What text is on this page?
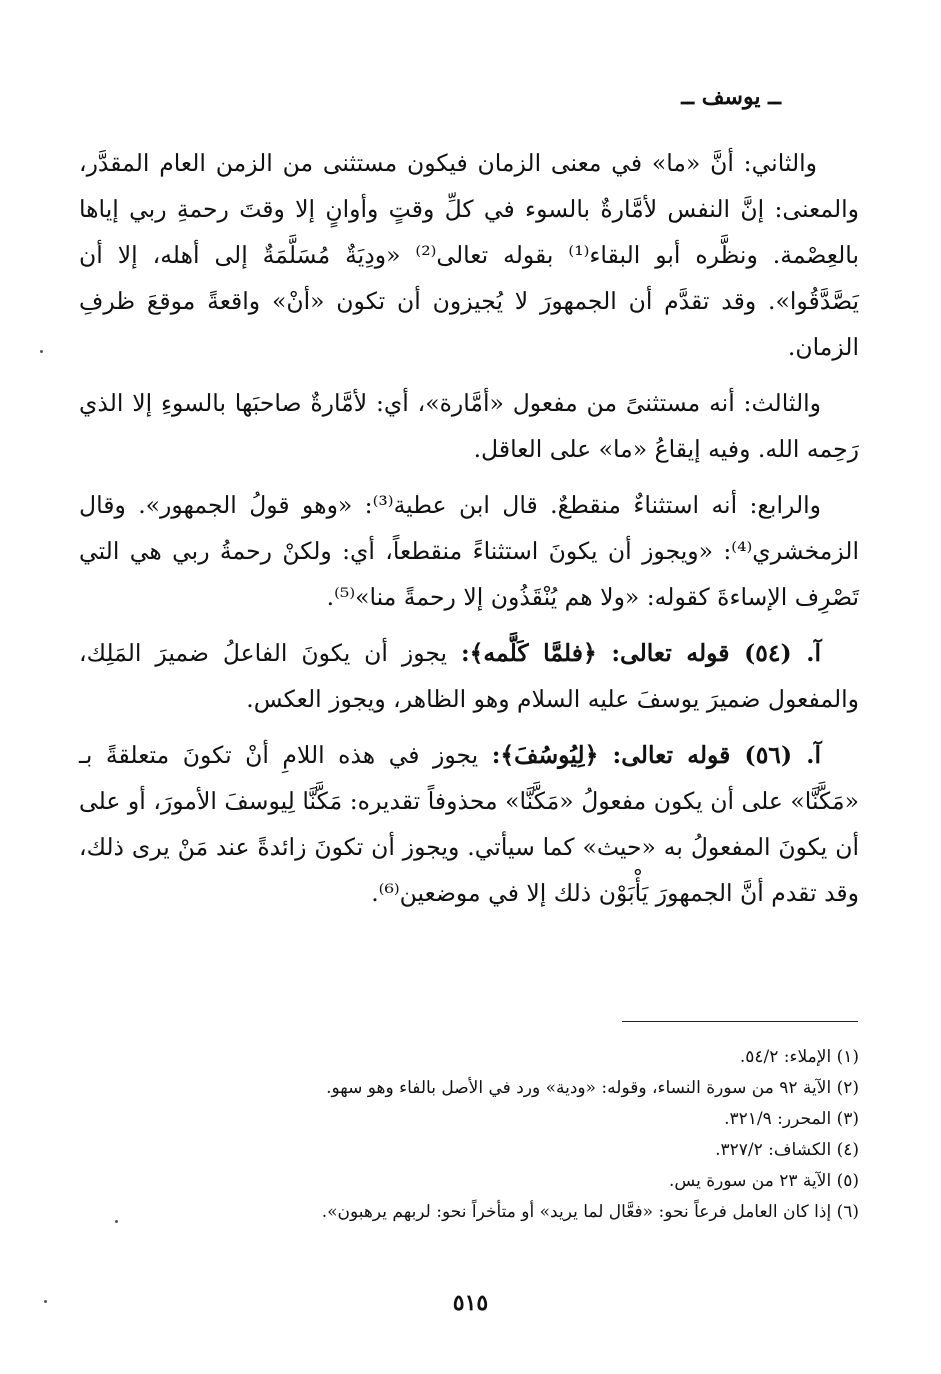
ــ يوسف ــ

والثاني: أنَّ «ما» في معنى الزمان فيكون مستثنى من الزمن العام المقدَّر، والمعنى: إنَّ النفس لأمَّارةٌ بالسوء في كلِّ وقتٍ وأوانٍ إلا وقتَ رحمةِ ربي إياها بالعِصْمة. ونظَّره أبو البقاء⁽¹⁾ بقوله تعالى⁽²⁾ «ودِيَةٌ مُسَلَّمَةٌ إلى أهله، إلا أن يَصَّدَّقُوا». وقد تقدَّم أن الجمهورَ لا يُجيزون أن تكون «أنْ» واقعةً موقعَ ظرفِ الزمان.

والثالث: أنه مستثنىً من مفعول «أمَّارة»، أي: لأمَّارةٌ صاحبَها بالسوءِ إلا الذي رَحِمه الله. وفيه إيقاعُ «ما» على العاقل.

والرابع: أنه استثناءٌ منقطعٌ. قال ابن عطية⁽³⁾: «وهو قولُ الجمهور». وقال الزمخشري⁽⁴⁾: «ويجوز أن يكونَ استثناءً منقطعاً، أي: ولكنْ رحمةُ ربي هي التي تَصْرِف الإساءةَ كقوله: «ولا هم يُنْقَذُون إلا رحمةً منا»⁽⁵⁾.

آ. (٥٤) قوله تعالى: ﴿فلمَّا كَلَّمه﴾: يجوز أن يكونَ الفاعلُ ضميرَ المَلِك، والمفعول ضميرَ يوسفَ عليه السلام وهو الظاهر، ويجوز العكس.

آ. (٥٦) قوله تعالى: ﴿لِيُوسُفَ﴾: يجوز في هذه اللامِ أنْ تكونَ متعلقةً بـ «مَكَّنَّا» على أن يكون مفعولُ «مَكَّنَّا» محذوفاً تقديره: مَكَّنَّا لِيوسفَ الأمورَ، أو على أن يكونَ المفعولُ به «حيث» كما سيأتي. ويجوز أن تكونَ زائدةً عند مَنْ يرى ذلك، وقد تقدم أنَّ الجمهورَ يَأْبَوْن ذلك إلا في موضعين⁽⁶⁾.

(١) الإملاء: ٥٤/٢.
(٢) الآية ٩٢ من سورة النساء، وقوله: «ودية» ورد في الأصل بالفاء وهو سهو.
(٣) المحرر: ٣٢١/٩.
(٤) الكشاف: ٣٢٧/٢.
(٥) الآية ٢٣ من سورة يس.
(٦) إذا كان العامل فرعاً نحو: «فعَّال لما يريد» أو متأخراً نحو: لربهم يرهبون».
٥١٥
